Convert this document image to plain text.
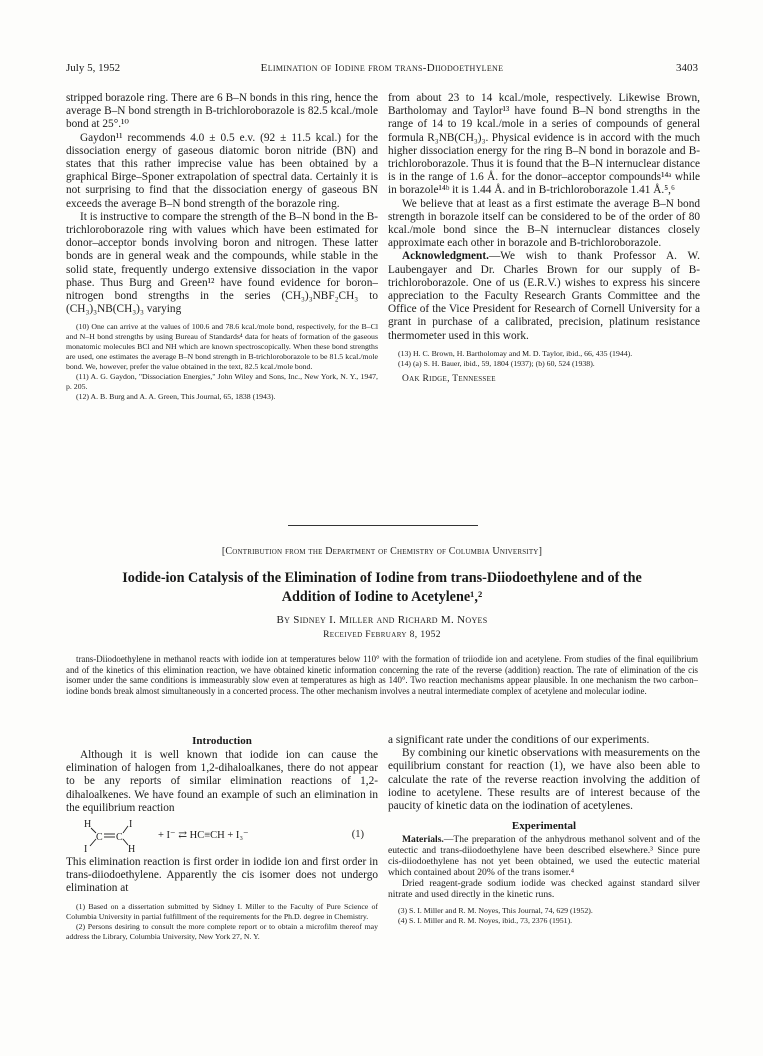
July 5, 1952	Elimination of Iodine from trans-Diiodoethylene	3403

stripped borazole ring. There are 6 B–N bonds in this ring, hence the average B–N bond strength in B-trichloroborazole is 82.5 kcal./mole bond at 25°.¹⁰

Gaydon¹¹ recommends 4.0 ± 0.5 e.v. (92 ± 11.5 kcal.) for the dissociation energy of gaseous diatomic boron nitride (BN) and states that this rather imprecise value has been obtained by a graphical Birge–Sponer extrapolation of spectral data. Certainly it is not surprising to find that the dissociation energy of gaseous BN exceeds the average B–N bond strength of the borazole ring.

It is instructive to compare the strength of the B–N bond in the B-trichloroborazole ring with values which have been estimated for donor–acceptor bonds involving boron and nitrogen. These latter bonds are in general weak and the compounds, while stable in the solid state, frequently undergo extensive dissociation in the vapor phase. Thus Burg and Green¹² have found evidence for boron–nitrogen bond strengths in the series (CH₃)₃NBF₂CH₃ to (CH₃)₃NB(CH₃)₃ varying

(10) One can arrive at the values of 100.6 and 78.6 kcal./mole bond, respectively, for the B–Cl and N–H bond strengths by using Bureau of Standards⁴ data for heats of formation of the gaseous monatomic molecules BCl and NH which are known spectroscopically. When these bond strengths are used, one estimates the average B–N bond strength in B-trichloroborazole to be 81.5 kcal./mole bond. We, however, prefer the value obtained in the text, 82.5 kcal./mole bond.

(11) A. G. Gaydon, "Dissociation Energies," John Wiley and Sons, Inc., New York, N. Y., 1947, p. 205.

(12) A. B. Burg and A. A. Green, This Journal, 65, 1838 (1943).

from about 23 to 14 kcal./mole, respectively. Likewise Brown, Bartholomay and Taylor¹³ have found B–N bond strengths in the range of 14 to 19 kcal./mole in a series of compounds of general formula R₃NB(CH₃)₃. Physical evidence is in accord with the much higher dissociation energy for the ring B–N bond in borazole and B-trichloroborazole. Thus it is found that the B–N internuclear distance is in the range of 1.6 Å. for the donor–acceptor compounds¹⁴ᵃ while in borazole¹⁴ᵇ it is 1.44 Å. and in B-trichloroborazole 1.41 Å.⁵,⁶

We believe that at least as a first estimate the average B–N bond strength in borazole itself can be considered to be of the order of 80 kcal./mole bond since the B–N internuclear distances closely approximate each other in borazole and B-trichloroborazole.

Acknowledgment.—We wish to thank Professor A. W. Laubengayer and Dr. Charles Brown for our supply of B-trichloroborazole. One of us (E.R.V.) wishes to express his sincere appreciation to the Faculty Research Grants Committee and the Office of the Vice President for Research of Cornell University for a grant in purchase of a calibrated, precision, platinum resistance thermometer used in this work.

(13) H. C. Brown, H. Bartholomay and M. D. Taylor, ibid., 66, 435 (1944).

(14) (a) S. H. Bauer, ibid., 59, 1804 (1937); (b) 60, 524 (1938).

Oak Ridge, Tennessee

[Contribution from the Department of Chemistry of Columbia University]
Iodide-ion Catalysis of the Elimination of Iodine from trans-Diiodoethylene and of the
Addition of Iodine to Acetylene¹,²
By Sidney I. Miller and Richard M. Noyes
Received February 8, 1952

trans-Diiodoethylene in methanol reacts with iodide ion at temperatures below 110° with the formation of triiodide ion and acetylene. From studies of the final equilibrium and of the kinetics of this elimination reaction, we have obtained kinetic information concerning the rate of the reverse (addition) reaction. The rate of elimination of the cis isomer under the same conditions is immeasurably slow even at temperatures as high as 140°. Two reaction mechanisms appear plausible. In one mechanism the two carbon–iodine bonds break almost simultaneously in a concerted process. The other mechanism involves a neutral intermediate complex of acetylene and molecular iodine.

Introduction

Although it is well known that iodide ion can cause the elimination of halogen from 1,2-dihaloalkanes, there do not appear to be any reports of similar elimination reactions of 1,2-dihaloalkenes. We have found an example of such an elimination in the equilibrium reaction

H
I
C C
I
H
+ I⁻ ⇄ HC≡CH + I₃⁻	(1)

This elimination reaction is first order in iodide ion and first order in trans-diiodoethylene. Apparently the cis isomer does not undergo elimination at

(1) Based on a dissertation submitted by Sidney I. Miller to the Faculty of Pure Science of Columbia University in partial fulfillment of the requirements for the Ph.D. degree in Chemistry.

(2) Persons desiring to consult the more complete report or to obtain a microfilm thereof may address the Library, Columbia University, New York 27, N. Y.

a significant rate under the conditions of our experiments.

By combining our kinetic observations with measurements on the equilibrium constant for reaction (1), we have also been able to calculate the rate of the reverse reaction involving the addition of iodine to acetylene. These results are of interest because of the paucity of kinetic data on the iodination of acetylenes.

Experimental

Materials.—The preparation of the anhydrous methanol solvent and of the eutectic and trans-diiodoethylene have been described elsewhere.³ Since pure cis-diiodoethylene has not yet been obtained, we used the eutectic material which contained about 20% of the trans isomer.⁴

Dried reagent-grade sodium iodide was checked against standard silver nitrate and used directly in the kinetic runs.

(3) S. I. Miller and R. M. Noyes, This Journal, 74, 629 (1952).

(4) S. I. Miller and R. M. Noyes, ibid., 73, 2376 (1951).
